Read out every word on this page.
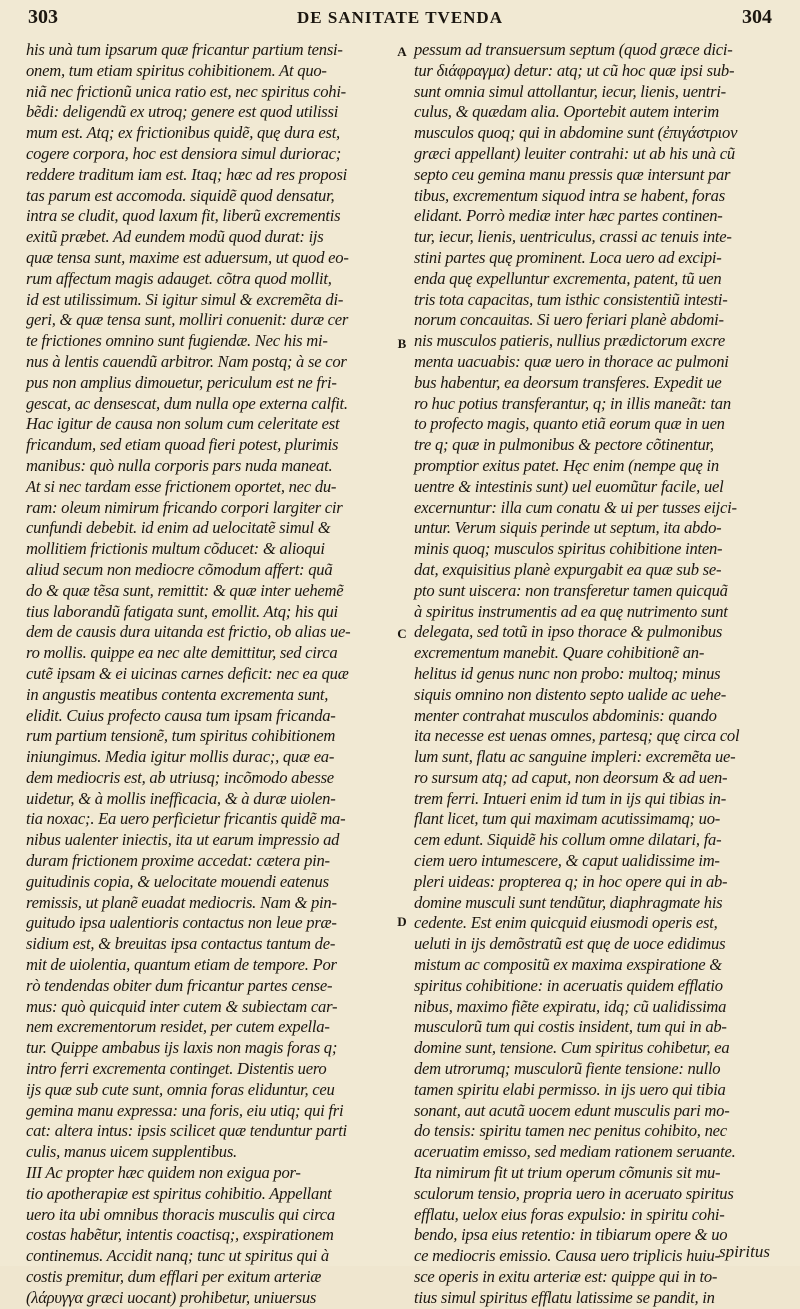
303	DE SANITATE TVENDA	304
his unà tum ipsarum quæ fricantur partium tensi-
onem, tum etiam spiritus cohibitionem. At quo-
niã nec frictionũ unica ratio est, nec spiritus cohi-
bẽdi: deligendũ ex utroq; genere est quod utilissi
mum est. Atq; ex frictionibus quidẽ, quę dura est,
cogere corpora, hoc est densiora simul duriorac;
reddere traditum iam est. Itaq; hæc ad res proposi
tas parum est accomoda. siquidẽ quod densatur,
intra se cludit, quod laxum fit, liberũ excrementis
exitũ præbet. Ad eundem modũ quod durat: ijs
quæ tensa sunt, maxime est aduersum, ut quod eo-
rum affectum magis adauget. cõtra quod mollit,
id est utilissimum. Si igitur simul & excremẽta di-
geri, & quæ tensa sunt, molliri conuenit: duræ cer
te frictiones omnino sunt fugiendæ. Nec his mi-
nus à lentis cauendũ arbitror. Nam postq; à se cor
pus non amplius dimouetur, periculum est ne fri-
gescat, ac densescat, dum nulla ope externa calfit.
Hac igitur de causa non solum cum celeritate est
fricandum, sed etiam quoad fieri potest, plurimis
manibus: quò nulla corporis pars nuda maneat.
At si nec tardam esse frictionem oportet, nec du-
ram: oleum nimirum fricando corpori largiter cir
cunfundi debebit. id enim ad uelocitatẽ simul &
mollitiem frictionis multum cõducet: & alioqui
aliud secum non mediocre cõmodum affert: quã
do & quæ tẽsa sunt, remittit: & quæ inter uehemẽ
tius laborandũ fatigata sunt, emollit. Atq; his qui
dem de causis dura uitanda est frictio, ob alias ue-
ro mollis. quippe ea nec alte demittitur, sed circa
cutẽ ipsam & ei uicinas carnes deficit: nec ea quæ
in angustis meatibus contenta excrementa sunt,
elidit. Cuius profecto causa tum ipsam fricanda-
rum partium tensionẽ, tum spiritus cohibitionem
iniungimus. Media igitur mollis durac;, quæ ea-
dem mediocris est, ab utriusq; incõmodo abesse
uidetur, & à mollis inefficacia, & à duræ uiolen-
tia noxac;. Ea uero perficietur fricantis quidẽ ma-
nibus ualenter iniectis, ita ut earum impressio ad
duram frictionem proxime accedat: cætera pin-
guitudinis copia, & uelocitate mouendi eatenus
remissis, ut planẽ euadat mediocris. Nam & pin-
guitudo ipsa ualentioris contactus non leue præ-
sidium est, & breuitas ipsa contactus tantum de-
mit de uiolentia, quantum etiam de tempore. Por
rò tendendas obiter dum fricantur partes cense-
mus: quò quicquid inter cutem & subiectam car-
nem excrementorum residet, per cutem expella-
tur. Quippe ambabus ijs laxis non magis foras q;
intro ferri excrementa continget. Distentis uero
ijs quæ sub cute sunt, omnia foras eliduntur, ceu
gemina manu expressa: una foris, eiu utiq; qui fri
cat: altera intus: ipsis scilicet quæ tenduntur parti
culis, manus uicem supplentibus.
III Ac propter hæc quidem non exigua por-
tio apotherapiæ est spiritus cohibitio. Appellant
uero ita ubi omnibus thoracis musculis qui circa
costas habẽtur, intentis coactisq;, exspirationem
continemus. Accidit nanq; tunc ut spiritus qui à
costis premitur, dum efflari per exitum arteriæ
(λάρυγγα græci uocant) prohibetur, uniuersus
pessum ad transuersum septum (quod græce dici-
tur διάφραγμα) detur: atq; ut cũ hoc quæ ipsi sub-
sunt omnia simul attollantur, iecur, lienis, uentri-
culus, & quædam alia. Oportebit autem interim
musculos quoq; qui in abdomine sunt (ἐπιγάστριον
græci appellant) leuiter contrahi: ut ab his unà cũ
septo ceu gemina manu pressis quæ intersunt par
tibus, excrementum siquod intra se habent, foras
elidant. Porrò mediæ inter hæc partes continen-
tur, iecur, lienis, uentriculus, crassi ac tenuis inte-
stini partes quę prominent. Loca uero ad excipi-
enda quę expelluntur excrementa, patent, tũ uen
tris tota capacitas, tum isthic consistentiũ intesti-
norum concauitas. Si uero feriari planè abdomi-
nis musculos patieris, nullius prædictorum excre
menta uacuabis: quæ uero in thorace ac pulmoni
bus habentur, ea deorsum transferes. Expedit ue
ro huc potius transferantur, q; in illis maneãt: tan
to profecto magis, quanto etiã eorum quæ in uen
tre q; quæ in pulmonibus & pectore cõtinentur,
promptior exitus patet. Hęc enim (nempe quę in
uentre & intestinis sunt) uel euomũtur facile, uel
excernuntur: illa cum conatu & ui per tusses eijci-
untur. Verum siquis perinde ut septum, ita abdo-
minis quoq; musculos spiritus cohibitione inten-
dat, exquisitius planè expurgabit ea quæ sub se-
pto sunt uiscera: non transferetur tamen quicquã
à spiritus instrumentis ad ea quę nutrimento sunt
delegata, sed totũ in ipso thorace & pulmonibus
excrementum manebit. Quare cohibitionẽ an-
helitus id genus nunc non probo: multoq; minus
siquis omnino non distento septo ualide ac uehe-
menter contrahat musculos abdominis: quando
ita necesse est uenas omnes, partesq; quę circa col
lum sunt, flatu ac sanguine impleri: excremẽta ue-
ro sursum atq; ad caput, non deorsum & ad uen-
trem ferri. Intueri enim id tum in ijs qui tibias in-
flant licet, tum qui maximam acutissimamq; uo-
cem edunt. Siquidẽ his collum omne dilatari, fa-
ciem uero intumescere, & caput ualidissime im-
pleri uideas: propterea q; in hoc opere qui in ab-
domine musculi sunt tendũtur, diaphragmate his
cedente. Est enim quicquid eiusmodi operis est,
ueluti in ijs demõstratũ est quę de uoce edidimus
mistum ac compositũ ex maxima exspiratione &
spiritus cohibitione: in aceruatis quidem efflatio
nibus, maximo fiẽte expiratu, idq; cũ ualidissima
musculorũ tum qui costis insident, tum qui in ab-
domine sunt, tensione. Cum spiritus cohibetur, ea
dem utrorumq; musculorũ fiente tensione: nullo
tamen spiritu elabi permisso. in ijs uero qui tibia
sonant, aut acutã uocem edunt musculis pari mo-
do tensis: spiritu tamen nec penitus cohibito, nec
aceruatim emisso, sed mediam rationem seruante.
Ita nimirum fit ut trium operum cõmunis sit mu-
sculorum tensio, propria uero in aceruato spiritus
efflatu, uelox eius foras expulsio: in spiritu cohi-
bendo, ipsa eius retentio: in tibiarum opere & uo
ce mediocris emissio. Causa uero triplicis huiu-
sce operis in exitu arteriæ est: quippe qui in to-
tius simul spiritus efflatu latissime se pandit, in
A
B
C
D
spiritus
